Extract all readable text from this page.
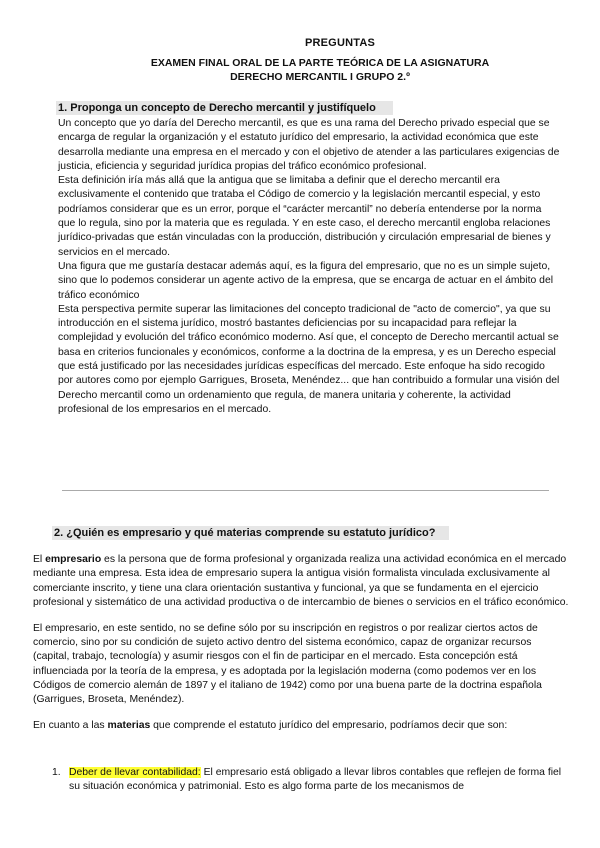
PREGUNTAS
EXAMEN FINAL ORAL DE LA PARTE TEÓRICA DE LA ASIGNATURA
DERECHO MERCANTIL I GRUPO 2.º
1. Proponga un concepto de Derecho mercantil y justifíquelo

Un concepto que yo daría del Derecho mercantil, es que es una rama del Derecho privado especial que se encarga de regular la organización y el estatuto jurídico del empresario, la actividad económica que este desarrolla mediante una empresa en el mercado y con el objetivo de atender a las particulares exigencias de justicia, eficiencia y seguridad jurídica propias del tráfico económico profesional.

Esta definición iría más allá que la antigua que se limitaba a definir que el derecho mercantil era exclusivamente el contenido que trataba el Código de comercio y la legislación mercantil especial, y esto podríamos considerar que es un error, porque el “carácter mercantil” no debería entenderse por la norma que lo regula, sino por la materia que es regulada. Y en este caso, el derecho mercantil engloba relaciones jurídico-privadas que están vinculadas con la producción, distribución y circulación empresarial de bienes y servicios en el mercado.

Una figura que me gustaría destacar además aquí, es la figura del empresario, que no es un simple sujeto, sino que lo podemos considerar un agente activo de la empresa, que se encarga de actuar en el ámbito del tráfico económico

Esta perspectiva permite superar las limitaciones del concepto tradicional de "acto de comercio", ya que su introducción en el sistema jurídico, mostró bastantes deficiencias por su incapacidad para reflejar la complejidad y evolución del tráfico económico moderno. Así que, el concepto de Derecho mercantil actual se basa en criterios funcionales y económicos, conforme a la doctrina de la empresa, y es un Derecho especial que está justificado por las necesidades jurídicas específicas del mercado. Este enfoque ha sido recogido por autores como por ejemplo Garrigues, Broseta, Menéndez... que han contribuido a formular una visión del Derecho mercantil como un ordenamiento que regula, de manera unitaria y coherente, la actividad profesional de los empresarios en el mercado.

2. ¿Quién es empresario y qué materias comprende su estatuto jurídico?

El empresario es la persona que de forma profesional y organizada realiza una actividad económica en el mercado mediante una empresa. Esta idea de empresario supera la antigua visión formalista vinculada exclusivamente al comerciante inscrito, y tiene una clara orientación sustantiva y funcional, ya que se fundamenta en el ejercicio profesional y sistemático de una actividad productiva o de intercambio de bienes o servicios en el tráfico económico.

El empresario, en este sentido, no se define sólo por su inscripción en registros o por realizar ciertos actos de comercio, sino por su condición de sujeto activo dentro del sistema económico, capaz de organizar recursos (capital, trabajo, tecnología) y asumir riesgos con el fin de participar en el mercado. Esta concepción está influenciada por la teoría de la empresa, y es adoptada por la legislación moderna (como podemos ver en los Códigos de comercio alemán de 1897 y el italiano de 1942) como por una buena parte de la doctrina española (Garrigues, Broseta, Menéndez).

En cuanto a las materias que comprende el estatuto jurídico del empresario, podríamos decir que son:

1. Deber de llevar contabilidad: El empresario está obligado a llevar libros contables que reflejen de forma fiel su situación económica y patrimonial. Esto es algo forma parte de los mecanismos de
